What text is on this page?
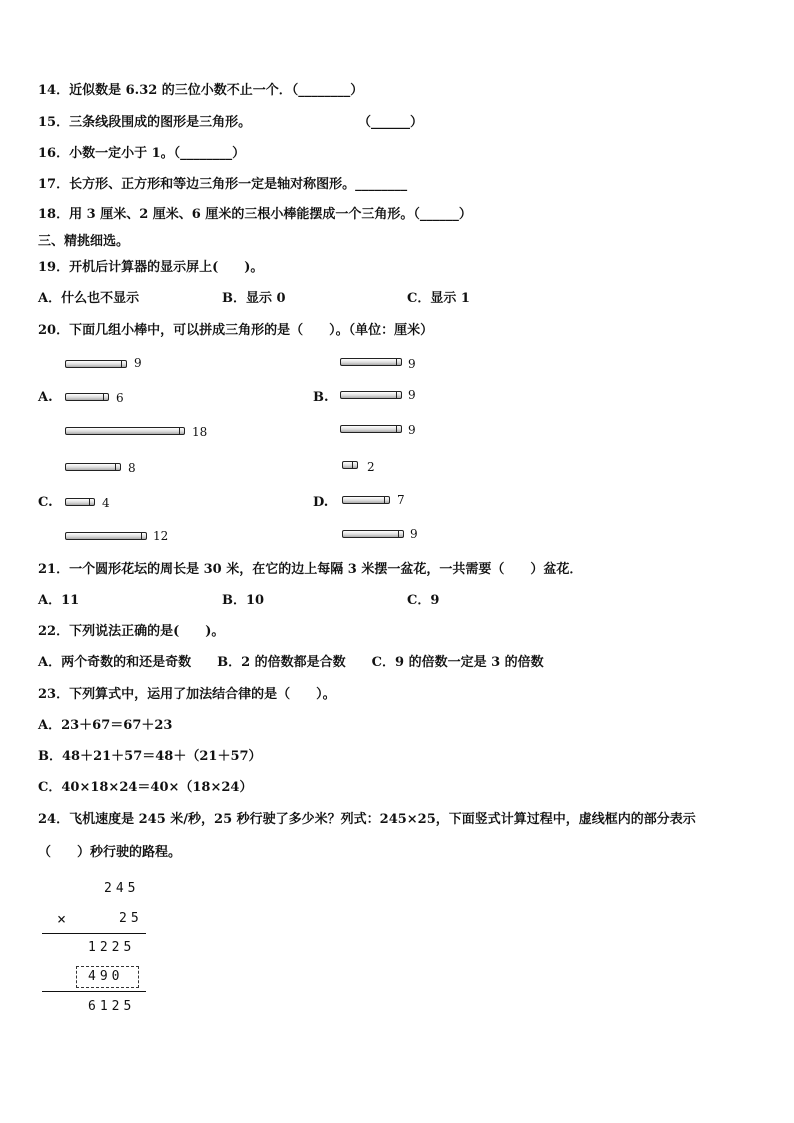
14．近似数是 6.32 的三位小数不止一个．（________）
15．三条线段围成的图形是三角形。	（______）
16．小数一定小于 1。（________）
17．长方形、正方形和等边三角形一定是轴对称图形。________
18．用 3 厘米、2 厘米、6 厘米的三根小棒能摆成一个三角形。（______）
三、精挑细选。
19．开机后计算器的显示屏上(　　)。
A．什么也不显示	B．显示 0	C．显示 1
20．下面几组小棒中，可以拼成三角形的是（　　）。（单位：厘米）
9
A.	6
18
9
B.	9
9
8
C.	4
12
2
D.	7
9
21．一个圆形花坛的周长是 30 米，在它的边上每隔 3 米摆一盆花，一共需要（　　）盆花．
A．11	B．10	C．9
22．下列说法正确的是(　　)。
A．两个奇数的和还是奇数　　B．2 的倍数都是合数　　C．9 的倍数一定是 3 的倍数
23．下列算式中，运用了加法结合律的是（　　）。
A．23＋67＝67＋23
B．48＋21＋57＝48＋（21＋57）
C．40×18×24＝40×（18×24）
24．飞机速度是 245 米/秒，25 秒行驶了多少米？列式：245×25，下面竖式计算过程中，虚线框内的部分表示
（　　）秒行驶的路程。
245
×	25
1225
490
6125
